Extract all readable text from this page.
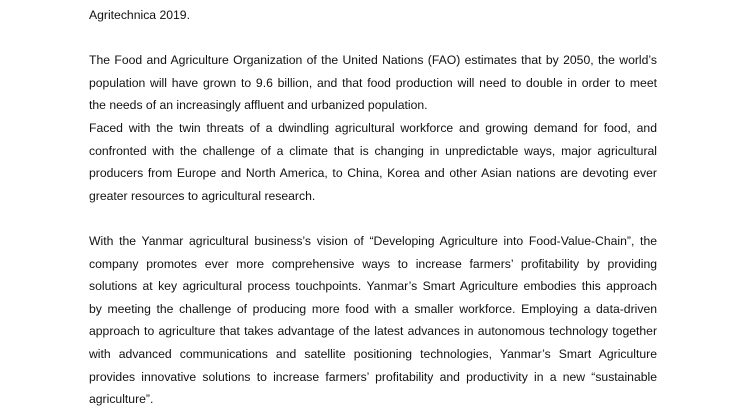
Agritechnica 2019.
The Food and Agriculture Organization of the United Nations (FAO) estimates that by 2050, the world’s
population will have grown to 9.6 billion, and that food production will need to double in order to meet
the needs of an increasingly affluent and urbanized population.
Faced with the twin threats of a dwindling agricultural workforce and growing demand for food, and
confronted with the challenge of a climate that is changing in unpredictable ways, major agricultural
producers from Europe and North America, to China, Korea and other Asian nations are devoting ever
greater resources to agricultural research.
With the Yanmar agricultural business’s vision of “Developing Agriculture into Food-Value-Chain”, the
company promotes ever more comprehensive ways to increase farmers’ profitability by providing
solutions at key agricultural process touchpoints. Yanmar’s Smart Agriculture embodies this approach
by meeting the challenge of producing more food with a smaller workforce. Employing a data-driven
approach to agriculture that takes advantage of the latest advances in autonomous technology together
with advanced communications and satellite positioning technologies, Yanmar’s Smart Agriculture
provides innovative solutions to increase farmers’ profitability and productivity in a new “sustainable
agriculture”.
